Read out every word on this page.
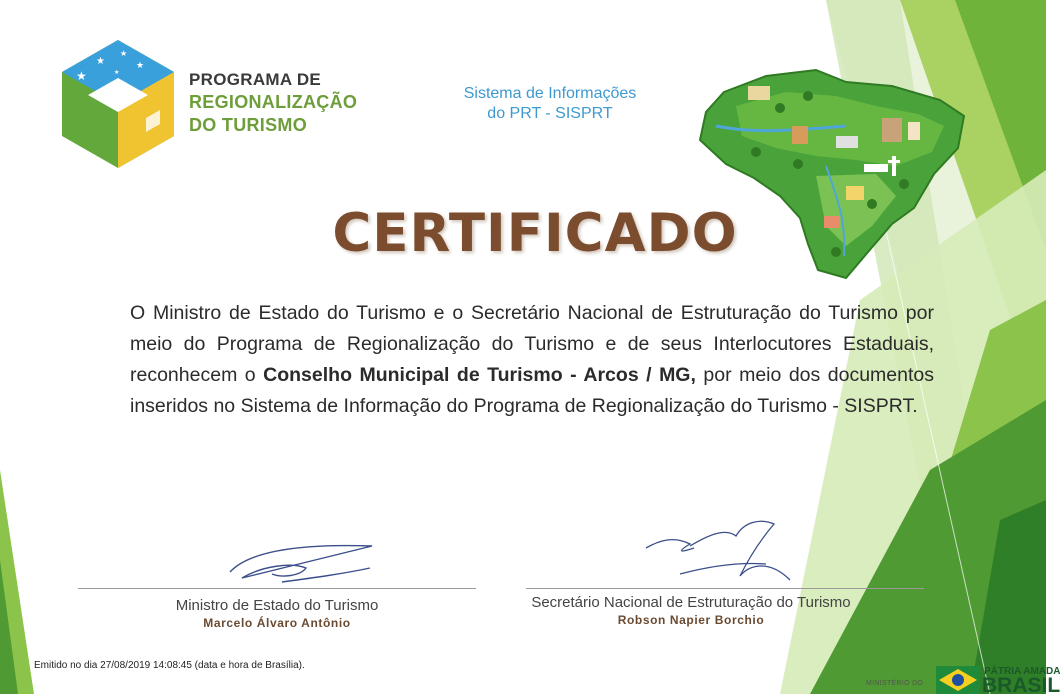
★
★
★
★
★	PROGRAMA DE
REGIONALIZAÇÃO
DO TURISMO
Sistema de Informações
do PRT - SISPRT
CERTIFICADO
O Ministro de Estado do Turismo e o Secretário Nacional de Estruturação do Turismo por meio do Programa de Regionalização do Turismo e de seus Interlocutores Estaduais, reconhecem o Conselho Municipal de Turismo - Arcos / MG, por meio dos documentos inseridos no Sistema de Informação do Programa de Regionalização do Turismo - SISPRT.
Ministro de Estado do Turismo
Marcelo Álvaro Antônio
Secretário Nacional de Estruturação do Turismo
Robson Napier Borchio
Emitido no dia 27/08/2019 14:08:45 (data e hora de Brasília).
MINISTÉRIO DO
PÁTRIA AMADA
BRASIL
